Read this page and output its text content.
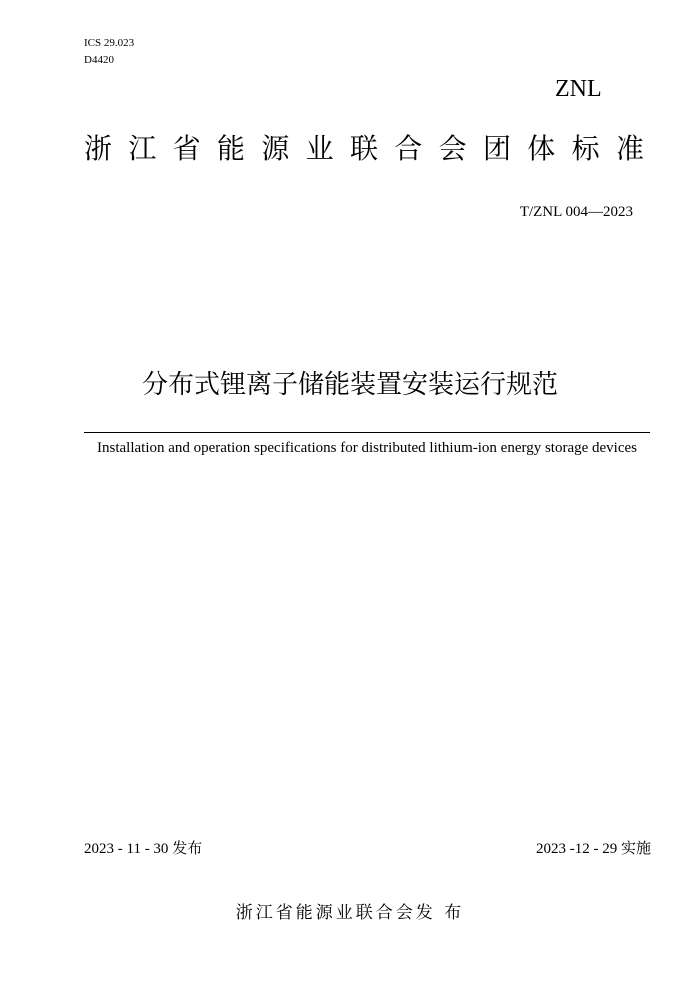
ICS 29.023
D4420
ZNL
浙 江 省 能 源 业 联 合 会 团 体 标 准
T/ZNL 004—2023
分布式锂离子储能装置安装运行规范
Installation and operation specifications for distributed lithium-ion energy storage devices
2023 - 11 - 30 发布	2023 -12 - 29 实施
浙江省能源业联合会发 布
